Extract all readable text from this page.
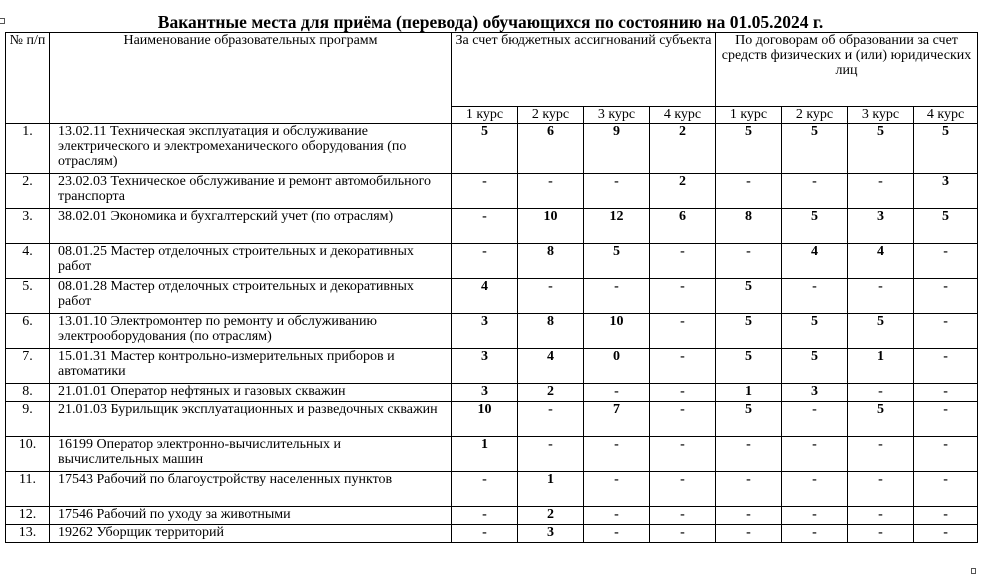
Вакантные места для приёма (перевода) обучающихся по состоянию на 01.05.2024 г.
№ п/п	Наименование образовательных программ	За счет бюджетных ассигнований субъекта				По договорам об образовании за счет средств физических и (или) юридических лиц			
		1 курс	2 курс	3 курс	4 курс	1 курс	2 курс	3 курс	4 курс
1.	13.02.11 Техническая эксплуатация и обслуживание электрического и электромеханического оборудования (по отраслям)	5	6	9	2	5	5	5	5
2.	23.02.03 Техническое обслуживание и ремонт автомобильного транспорта	-	-	-	2	-	-	-	3
3.	38.02.01 Экономика и бухгалтерский учет (по отраслям)	-	10	12	6	8	5	3	5
4.	08.01.25 Мастер отделочных строительных и декоративных работ	-	8	5	-	-	4	4	-
5.	08.01.28 Мастер отделочных строительных и декоративных работ	4	-	-	-	5	-	-	-
6.	13.01.10 Электромонтер по ремонту и обслуживанию электрооборудования (по отраслям)	3	8	10	-	5	5	5	-
7.	15.01.31 Мастер контрольно-измерительных приборов и автоматики	3	4	0	-	5	5	1	-
8.	21.01.01 Оператор нефтяных и газовых скважин	3	2	-	-	1	3	-	-
9.	21.01.03 Бурильщик эксплуатационных и разведочных скважин	10	-	7	-	5	-	5	-
10.	16199 Оператор электронно-вычислительных и вычислительных машин	1	-	-	-	-	-	-	-
11.	17543 Рабочий по благоустройству населенных пунктов	-	1	-	-	-	-	-	-
12.	17546 Рабочий по уходу за животными	-	2	-	-	-	-	-	-
13.	19262 Уборщик территорий	-	3	-	-	-	-	-	-
